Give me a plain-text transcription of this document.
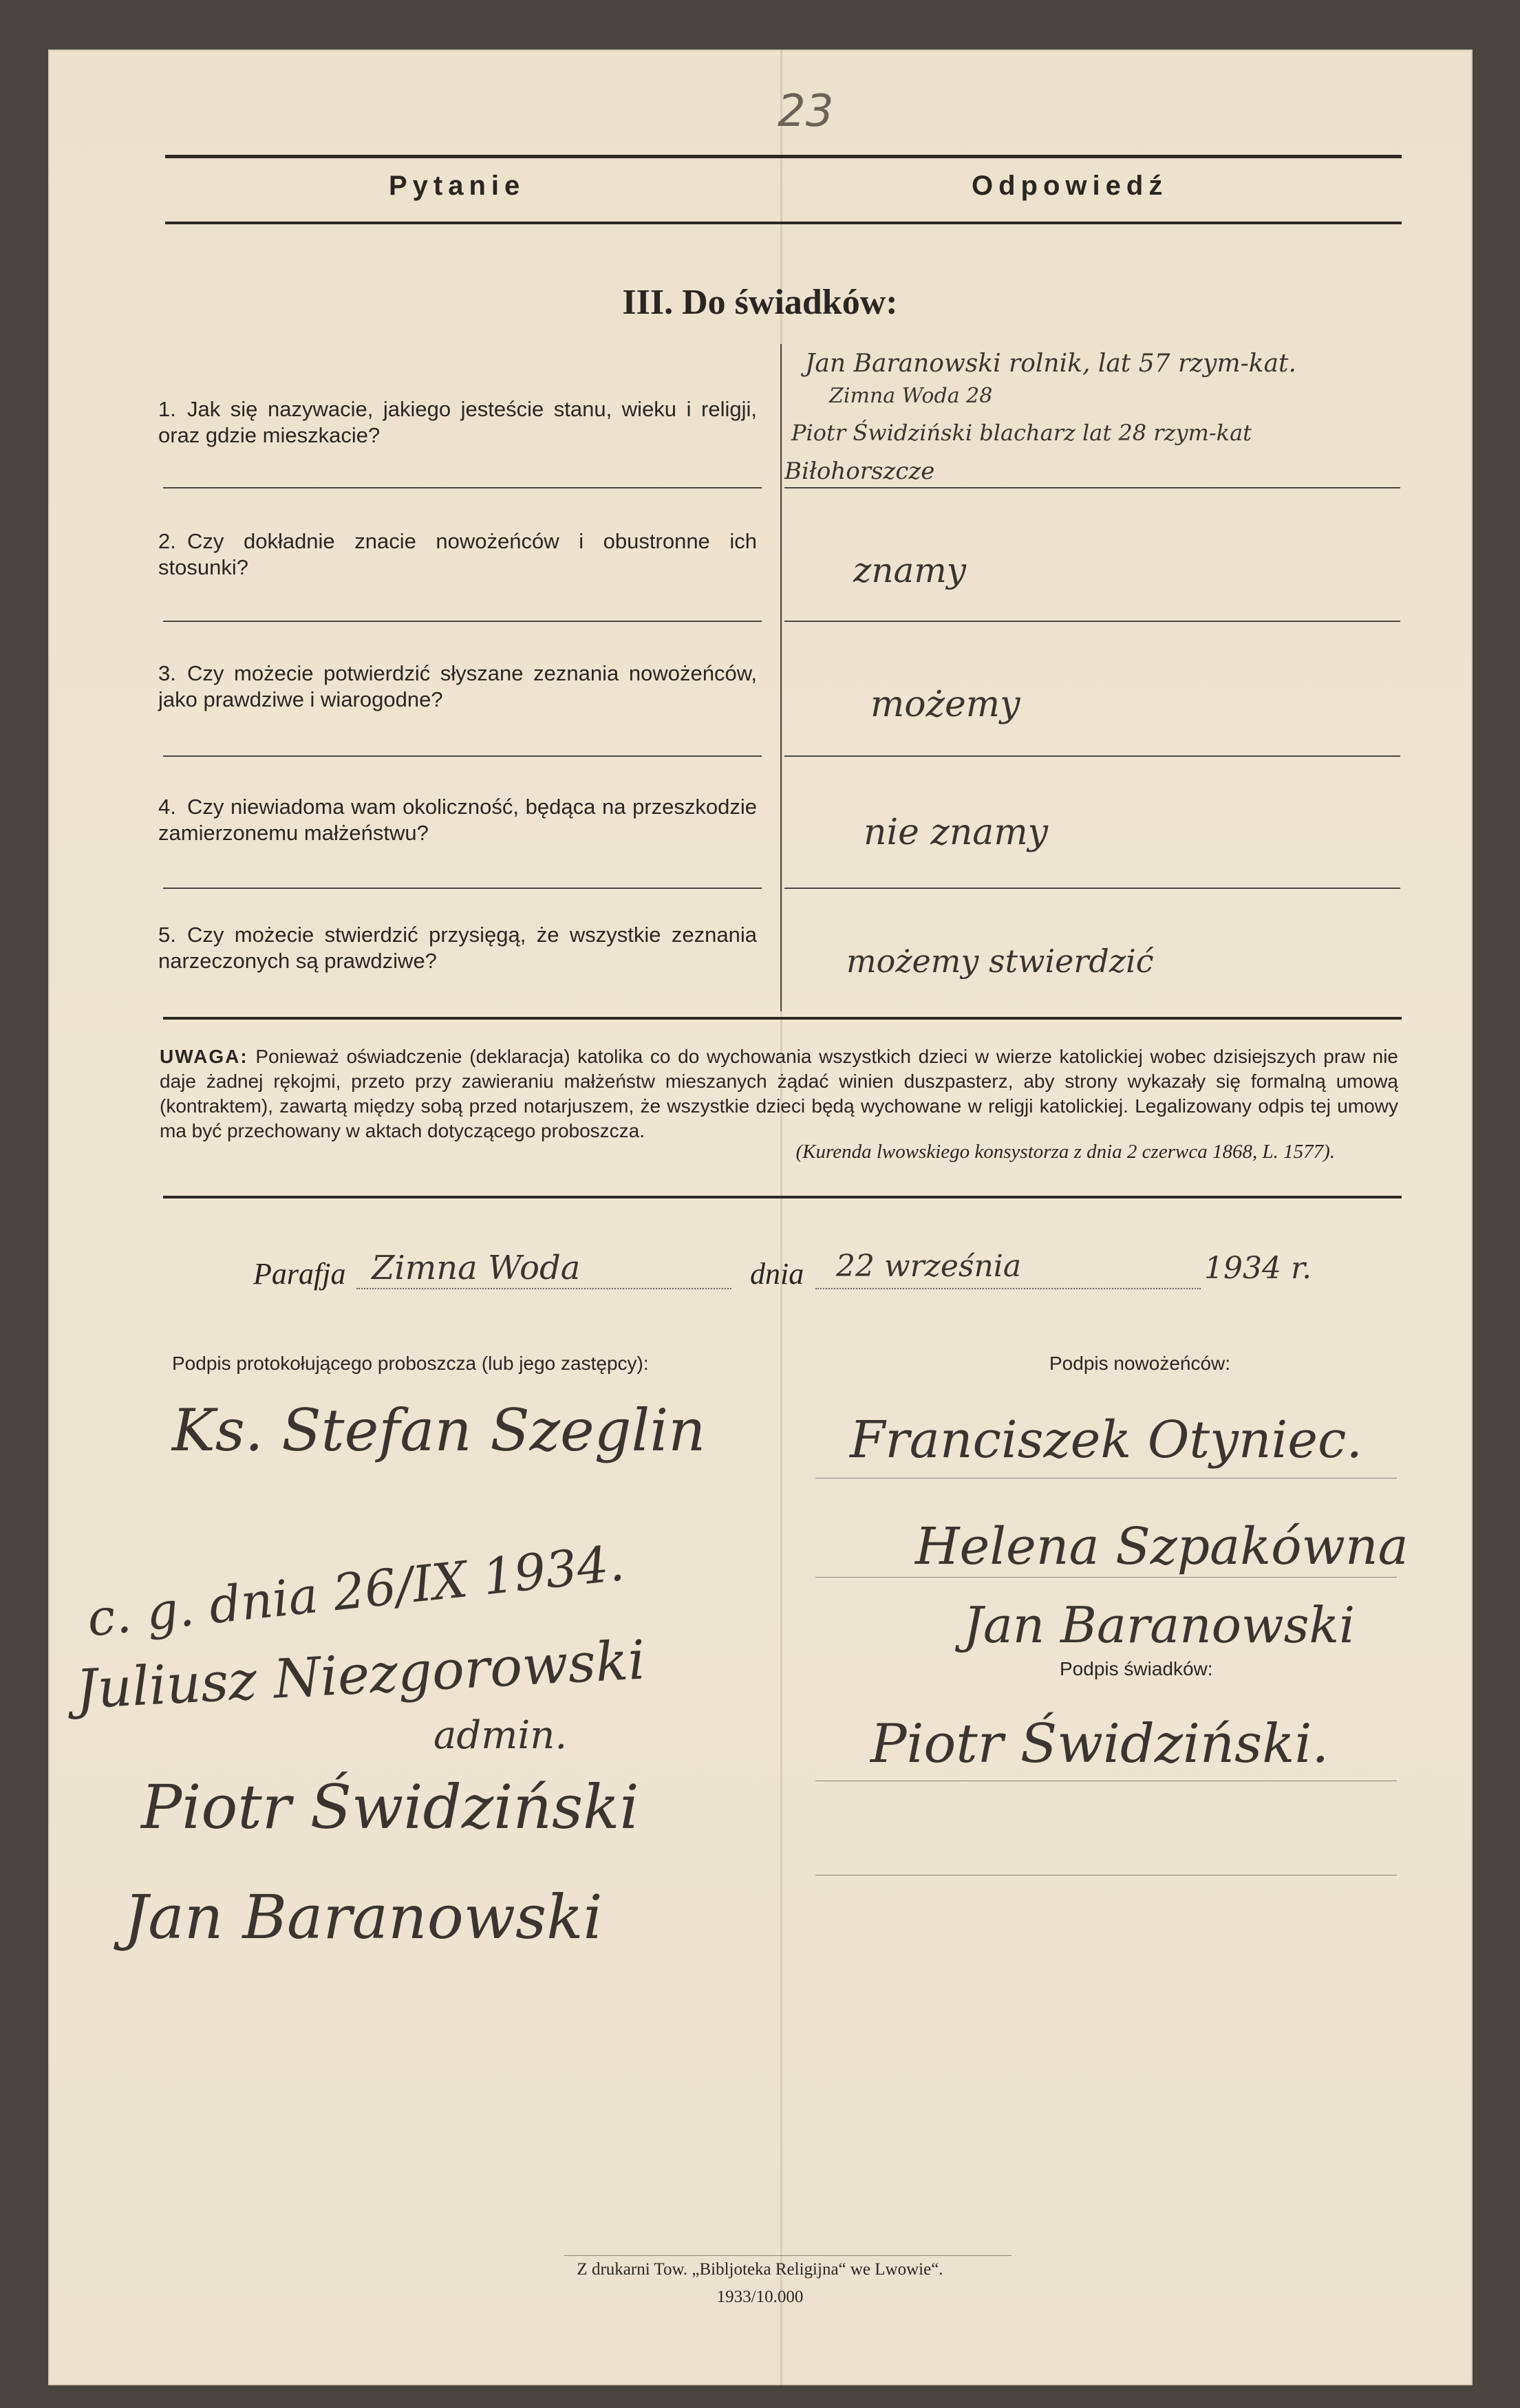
23
Pytanie	Odpowiedź
III. Do świadków:
1. Jak się nazywacie, jakiego jesteście stanu, wieku i religji, oraz gdzie mieszkacie?
Jan Baranowski rolnik, lat 57 rzym-kat.
Zimna Woda 28
Piotr Świdziński blacharz lat 28 rzym-kat
Biłohorszcze
2. Czy dokładnie znacie nowożeńców i obustronne ich stosunki?	znamy
3. Czy możecie potwierdzić słyszane zeznania nowożeńców, jako prawdziwe i wiarogodne?	możemy
4. Czy niewiadoma wam okoliczność, będąca na przeszkodzie zamierzonemu małżeństwu?	nie znamy
5. Czy możecie stwierdzić przysięgą, że wszystkie zeznania narzeczonych są prawdziwe?	możemy stwierdzić
UWAGA: Ponieważ oświadczenie (deklaracja) katolika co do wychowania wszystkich dzieci w wierze katolickiej wobec dzisiejszych praw nie daje żadnej rękojmi, przeto przy zawieraniu małżeństw mieszanych żądać winien duszpasterz, aby strony wykazały się formalną umową (kontraktem), zawartą między sobą przed notarjuszem, że wszystkie dzieci będą wychowane w religji katolickiej. Legalizowany odpis tej umowy ma być przechowany w aktach dotyczącego proboszcza.
(Kurenda lwowskiego konsystorza z dnia 2 czerwca 1868, L. 1577).
Parafja Zimna Woda	dnia 22 września	1934 r.
Podpis protokołującego proboszcza (lub jego zastępcy):	Podpis nowożeńców:
Ks. Stefan Szeglin
c. g. dnia 26/IX 1934.
Juliusz Niezgorowski
admin.
Piotr Świdziński
Jan Baranowski
Franciszek Otyniec.
Helena Szpakówna
Jan Baranowski
Podpis świadków:
Piotr Świdziński.
Z drukarni Tow. „Bibljoteka Religijna“ we Lwowie“.
1933/10.000
